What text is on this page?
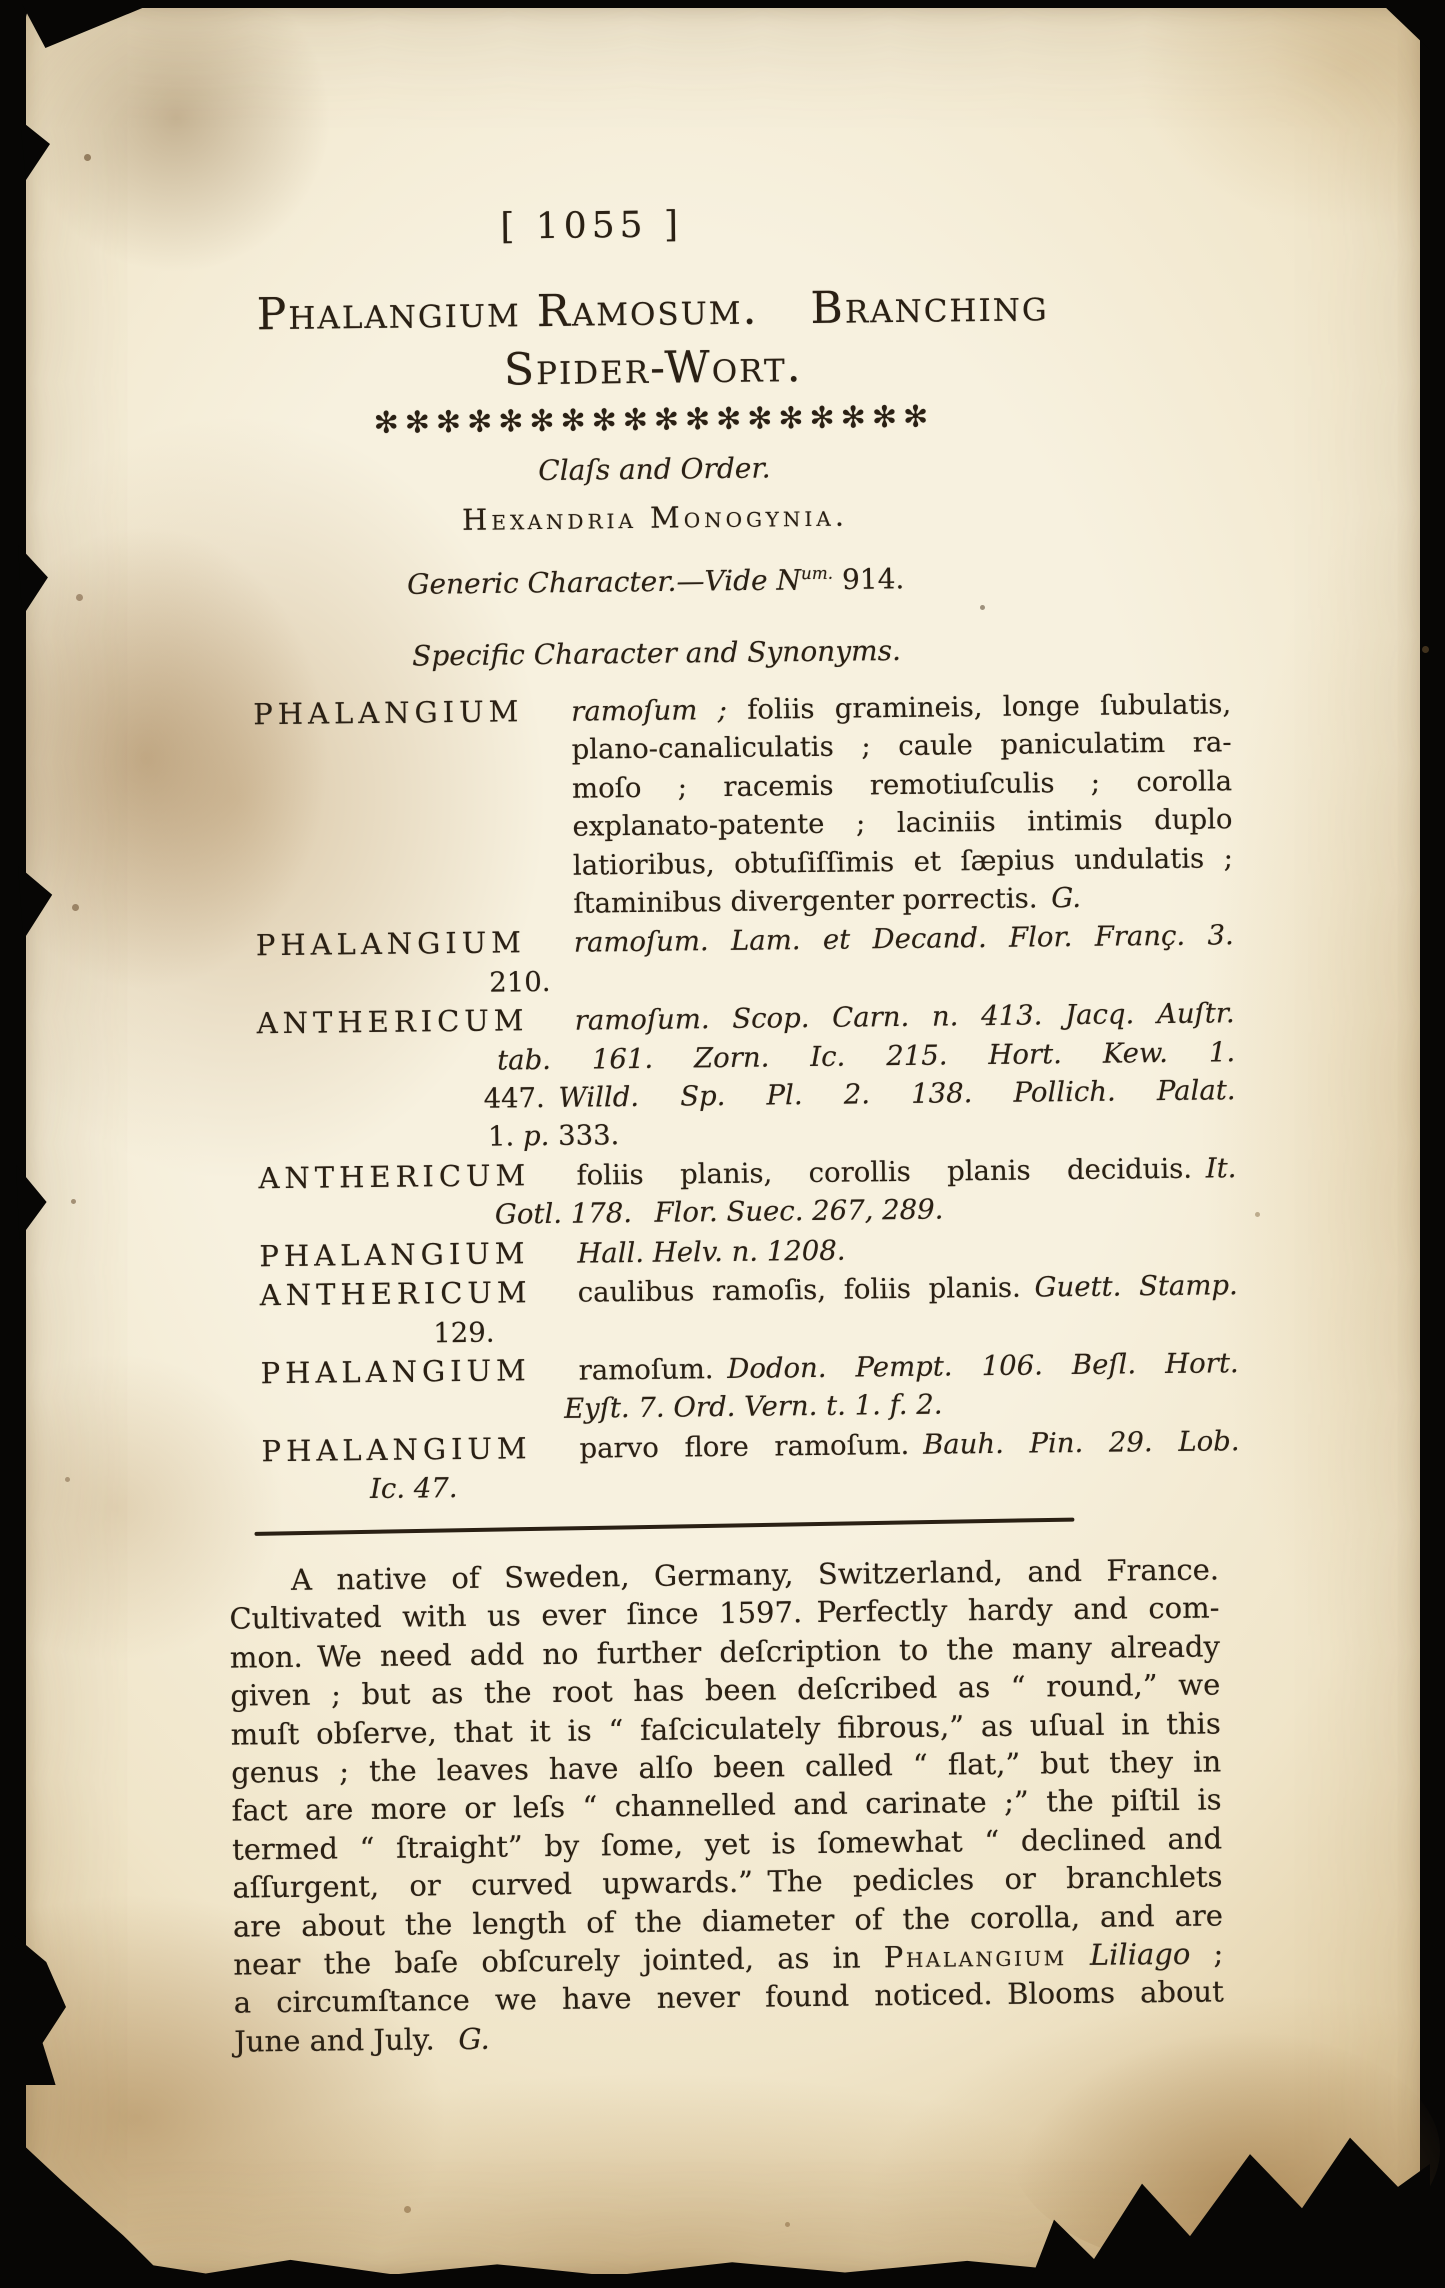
[ 1055 ]
Phalangium Ramosum. Branching
Spider-Wort.
✻✻✻✻✻✻✻✻✻✻✻✻✻✻✻✻✻✻
Claſs and Order.
Hexandria Monogynia.
Generic Character.—Vide $N^{um.}$ 914.
Specific Character and Synonyms.
PHALANGIUM	ramoſum ; foliis gramineis, longe ſubulatis,
plano-canaliculatis ; caule paniculatim ra-
moſo ; racemis remotiuſculis ; corolla
explanato-patente ; laciniis intimis duplo
latioribus, obtuſiſſimis et ſæpius undulatis ;
ſtaminibus divergenter porrectis. G.
PHALANGIUM	ramoſum. Lam. et Decand. Flor. Franç. 3.
210.
ANTHERICUM	ramoſum. Scop. Carn. n. 413. Jacq. Auſtr.
tab. 161. Zorn. Ic. 215. Hort. Kew. 1.
447. Willd. Sp. Pl. 2. 138. Pollich. Palat.
1. p. 333.
ANTHERICUM	foliis planis, corollis planis deciduis. It.
Gotl. 178.  Flor. Suec. 267, 289.
PHALANGIUM	Hall. Helv. n. 1208.
ANTHERICUM	caulibus ramoſis, foliis planis. Guett. Stamp.
129.
PHALANGIUM	ramoſum. Dodon. Pempt. 106. Beſl. Hort.
Eyſt. 7. Ord. Vern. t. 1. f. 2.
PHALANGIUM	parvo flore ramoſum. Bauh. Pin. 29. Lob.
Ic. 47.
A native of Sweden, Germany, Switzerland, and France.
Cultivated with us ever ſince 1597. Perfectly hardy and com-
mon. We need add no further deſcription to the many already
given ; but as the root has been deſcribed as “ round,” we
muſt obſerve, that it is “ faſciculately fibrous,” as uſual in this
genus ; the leaves have alſo been called “ flat,” but they in
fact are more or leſs “ channelled and carinate ;” the piſtil is
termed “ ſtraight” by ſome, yet is ſomewhat “ declined and
aſſurgent, or curved upwards.” The pedicles or branchlets
are about the length of the diameter of the corolla, and are
near the baſe obſcurely jointed, as in Phalangium Liliago ;
a circumſtance we have never found noticed. Blooms about
June and July.  G.
